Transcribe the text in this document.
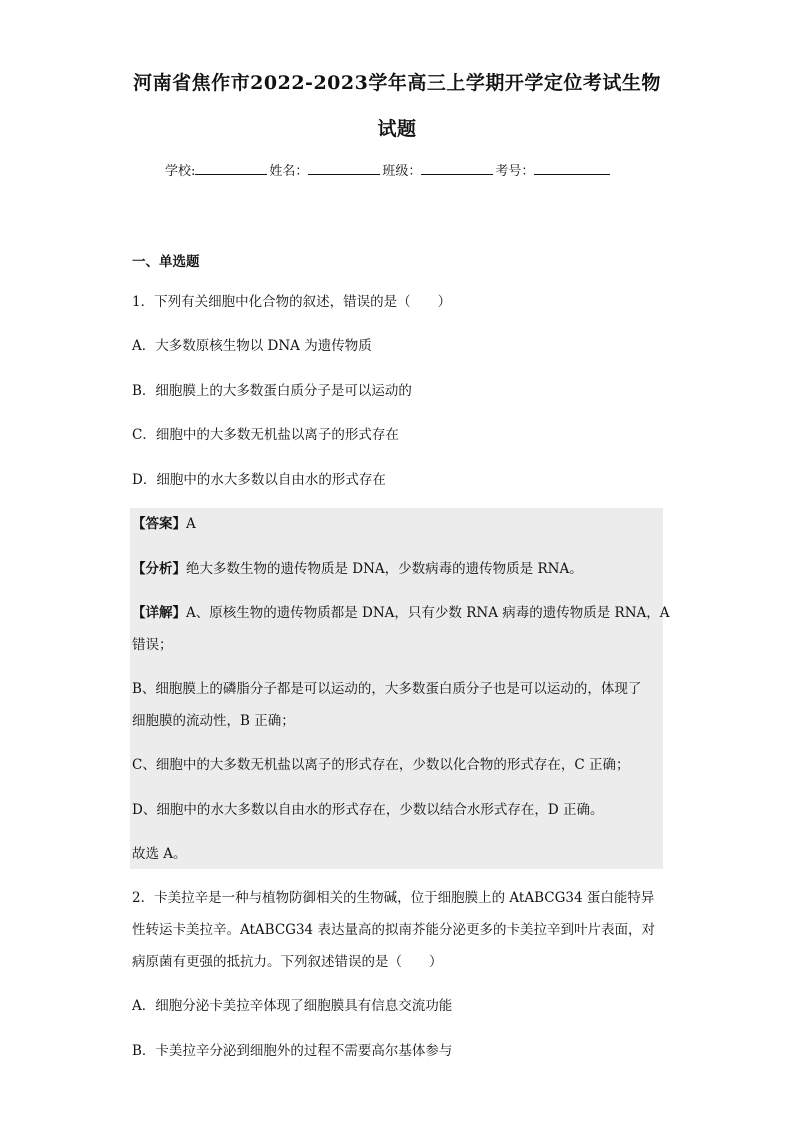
河南省焦作市2022-2023学年高三上学期开学定位考试生物
试题
学校:	姓名：	班级：	考号：
一、单选题
1．下列有关细胞中化合物的叙述，错误的是（　　）
A．大多数原核生物以 DNA 为遗传物质
B．细胞膜上的大多数蛋白质分子是可以运动的
C．细胞中的大多数无机盐以离子的形式存在
D．细胞中的水大多数以自由水的形式存在
【答案】A
【分析】绝大多数生物的遗传物质是 DNA，少数病毒的遗传物质是 RNA。
【详解】A、原核生物的遗传物质都是 DNA，只有少数 RNA 病毒的遗传物质是 RNA，A
错误；
B、细胞膜上的磷脂分子都是可以运动的，大多数蛋白质分子也是可以运动的，体现了
细胞膜的流动性，B 正确；
C、细胞中的大多数无机盐以离子的形式存在，少数以化合物的形式存在，C 正确；
D、细胞中的水大多数以自由水的形式存在，少数以结合水形式存在，D 正确。
故选 A。
2．卡美拉辛是一种与植物防御相关的生物碱，位于细胞膜上的 AtABCG34 蛋白能特异
性转运卡美拉辛。AtABCG34 表达量高的拟南芥能分泌更多的卡美拉辛到叶片表面，对
病原菌有更强的抵抗力。下列叙述错误的是（　　）
A．细胞分泌卡美拉辛体现了细胞膜具有信息交流功能
B．卡美拉辛分泌到细胞外的过程不需要高尔基体参与
